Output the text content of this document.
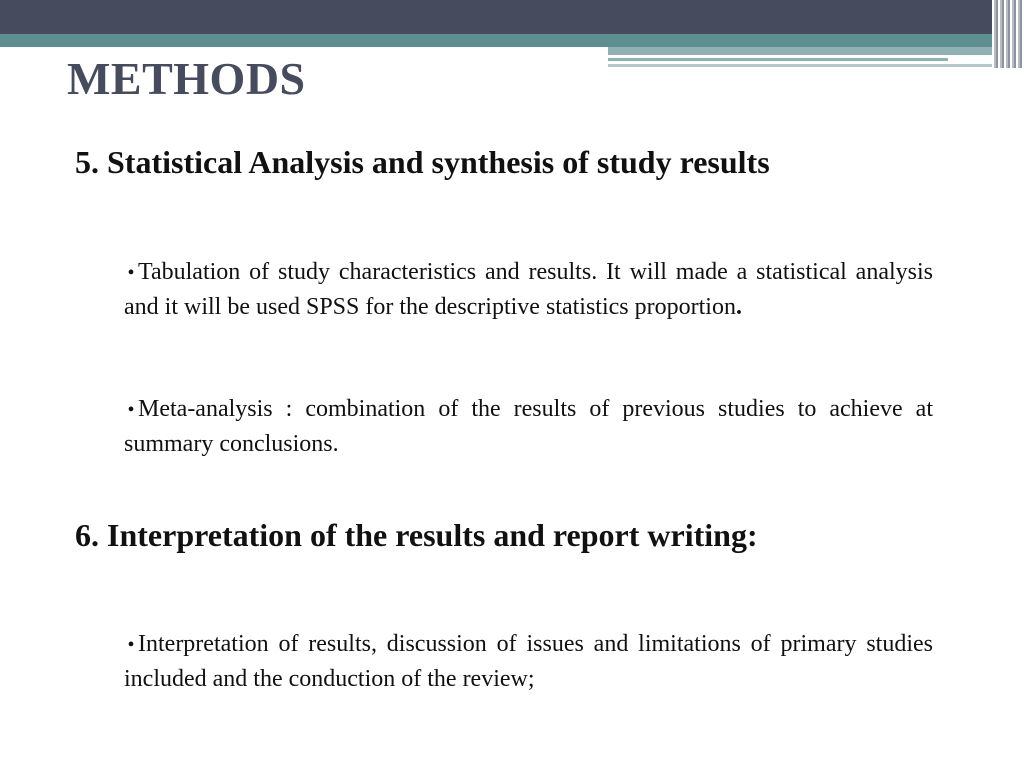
METHODS
5. Statistical Analysis and synthesis of study results

• Tabulation of study characteristics and results. It will made a statistical analysis and it will be used SPSS for the descriptive statistics proportion.

• Meta-analysis : combination of the results of previous studies to achieve at summary conclusions.

6. Interpretation of the results and report writing:

• Interpretation of results, discussion of issues and limitations of primary studies included and the conduction of the review;
